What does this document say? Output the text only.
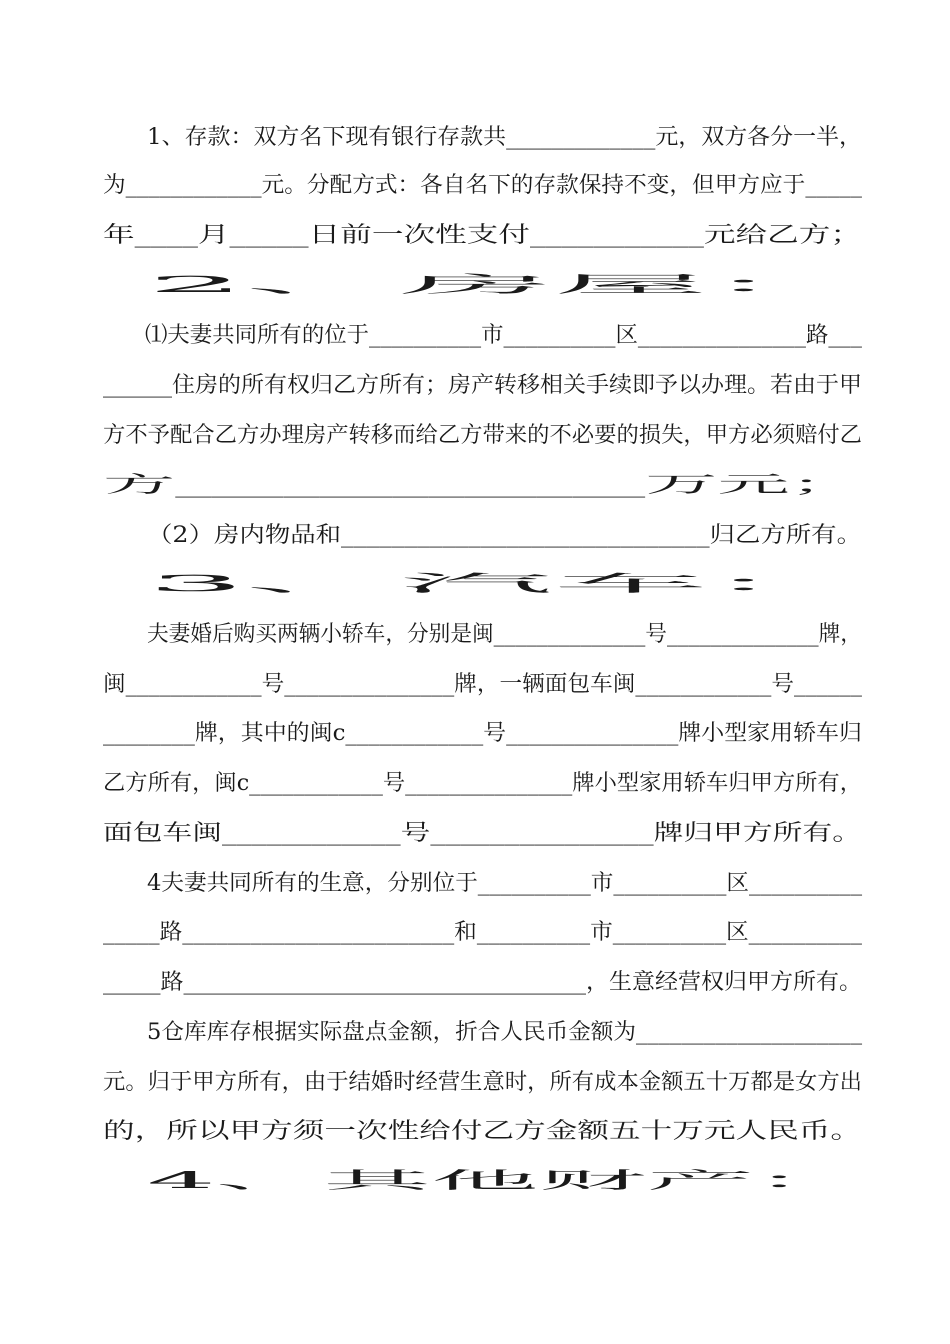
1、存款：双方名下现有银行存款共_____________元，双方各分一半，
为____________元。分配方式：各自名下的存款保持不变，但甲方应于_____
年____月_____日前一次性支付___________元给乙方；
2、房屋：
⑴夫妻共同所有的位于__________市__________区_______________路___
______住房的所有权归乙方所有；房产转移相关手续即予以办理。若由于甲
方不予配合乙方办理房产转移而给乙方带来的不必要的损失，甲方必须赔付乙
方_____________万元；
（2）房内物品和_____________________________归乙方所有。
3、汽车：
夫妻婚后购买两辆小轿车，分别是闽______________号______________牌，
闽____________号_______________牌，一辆面包车闽____________号______
________牌，其中的闽c____________号_______________牌小型家用轿车归
乙方所有，闽c____________号_______________牌小型家用轿车归甲方所有，
面包车闽____________号_______________牌归甲方所有。
4夫妻共同所有的生意，分别位于__________市__________区__________
_____路________________________和__________市__________区__________
_____路___________________________________，生意经营权归甲方所有。
5仓库库存根据实际盘点金额，折合人民币金额为____________________
元。归于甲方所有，由于结婚时经营生意时，所有成本金额五十万都是女方出
的，所以甲方须一次性给付乙方金额五十万元人民币。
4、其他财产：
